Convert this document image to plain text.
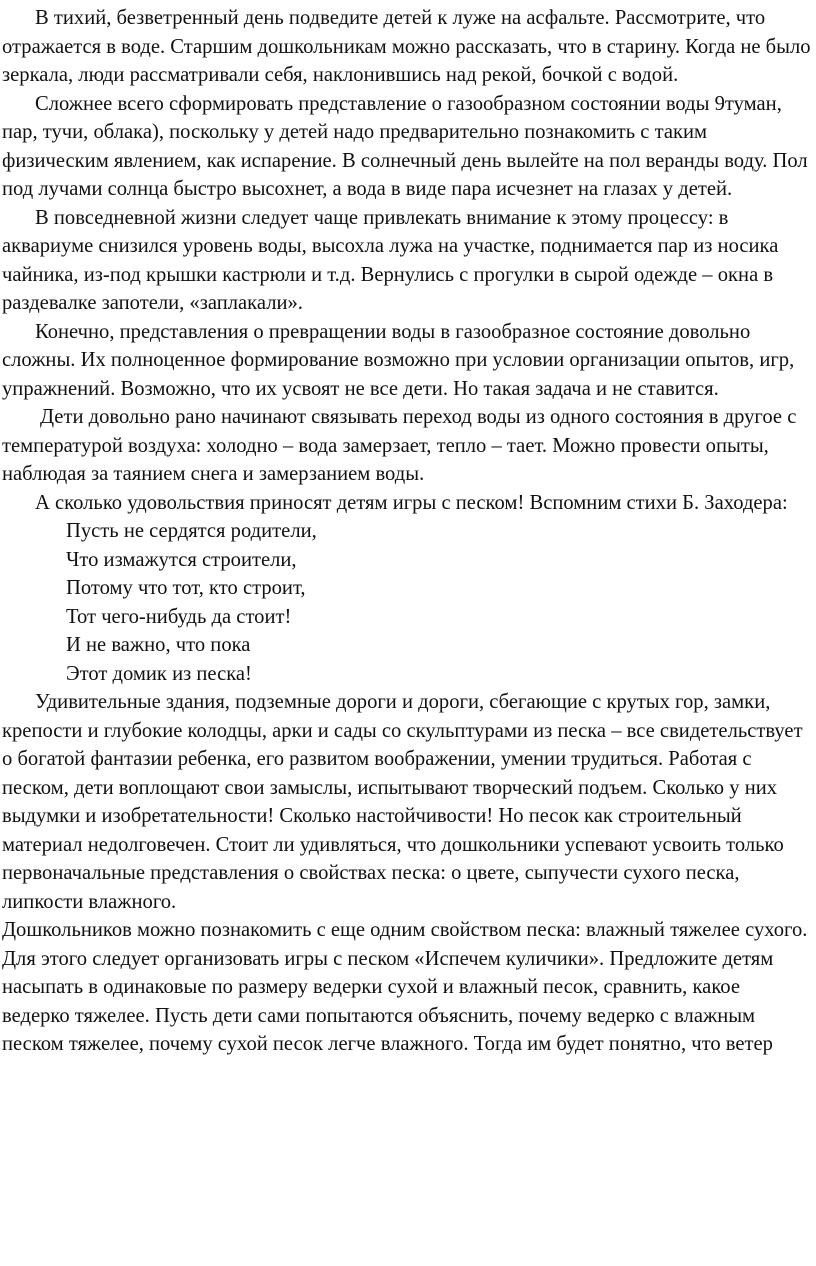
В тихий, безветренный день подведите детей к луже на асфальте. Рассмотрите, что отражается в воде. Старшим дошкольникам можно рассказать, что в старину. Когда не было зеркала, люди рассматривали себя, наклонившись над рекой, бочкой с водой.

Сложнее всего сформировать представление о газообразном состоянии воды 9туман, пар, тучи, облака), поскольку у детей надо предварительно познакомить с таким физическим явлением, как испарение. В солнечный день вылейте на пол веранды воду. Пол под лучами солнца быстро высохнет, а вода в виде пара исчезнет на глазах у детей.

В повседневной жизни следует чаще привлекать внимание к этому процессу: в аквариуме снизился уровень воды, высохла лужа на участке, поднимается пар из носика чайника, из-под крышки кастрюли и т.д. Вернулись с прогулки в сырой одежде – окна в раздевалке запотели, «заплакали».

Конечно, представления о превращении воды в газообразное состояние довольно сложны. Их полноценное формирование возможно при условии организации опытов, игр, упражнений. Возможно, что их усвоят не все дети. Но такая задача и не ставится.

Дети довольно рано начинают связывать переход воды из одного состояния в другое с температурой воздуха: холодно – вода замерзает, тепло – тает. Можно провести опыты, наблюдая за таянием снега и замерзанием воды.

А сколько удовольствия приносят детям игры с песком! Вспомним стихи Б. Заходера:

Пусть не сердятся родители,
Что измажутся строители,
Потому что тот, кто строит,
Тот чего-нибудь да стоит!
И не важно, что пока
Этот домик из песка!

Удивительные здания, подземные дороги и дороги, сбегающие с крутых гор, замки, крепости и глубокие колодцы, арки и сады со скульптурами из песка – все свидетельствует о богатой фантазии ребенка, его развитом воображении, умении трудиться. Работая с песком, дети воплощают свои замыслы, испытывают творческий подъем. Сколько у них выдумки и изобретательности! Сколько настойчивости! Но песок как строительный материал недолговечен. Стоит ли удивляться, что дошкольники успевают усвоить только первоначальные представления о свойствах песка: о цвете, сыпучести сухого песка, липкости влажного.

Дошкольников можно познакомить с еще одним свойством песка: влажный тяжелее сухого. Для этого следует организовать игры с песком «Испечем куличики». Предложите детям насыпать в одинаковые по размеру ведерки сухой и влажный песок, сравнить, какое ведерко тяжелее. Пусть дети сами попытаются объяснить, почему ведерко с влажным песком тяжелее, почему сухой песок легче влажного. Тогда им будет понятно, что ветер
